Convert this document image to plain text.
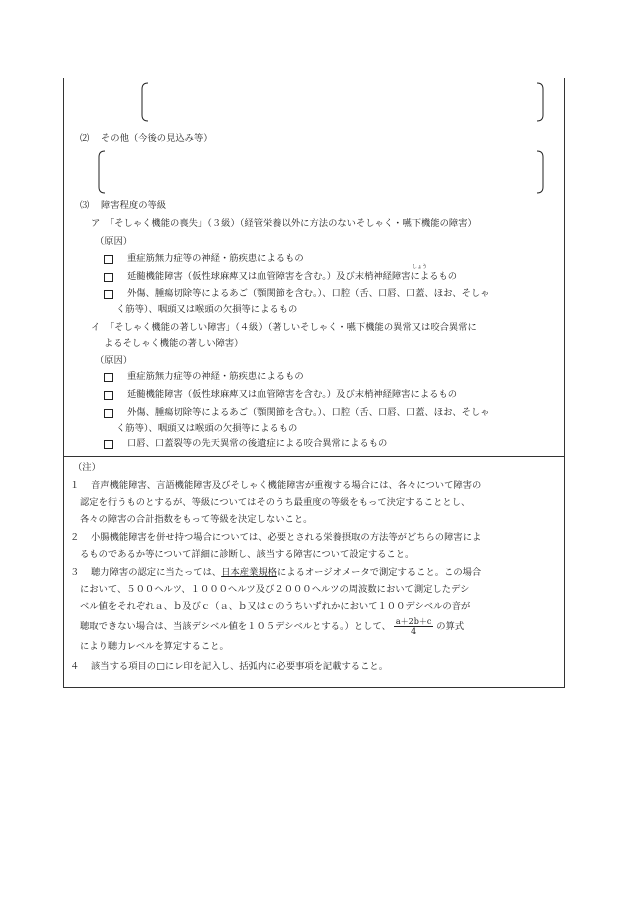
⑵ その他（今後の見込み等）
⑶ 障害程度の等級
ア　「そしゃく機能の喪失」（３級）（経管栄養以外に方法のないそしゃく・嚥下機能の障害）
（原因）
重症筋無力症等の神経・筋疾患によるもの
しょう
延髄機能障害（仮性球麻痺又は血管障害を含む。）及び末梢神経障害によるもの
外傷、腫瘍切除等によるあご（顎関節を含む。）、口腔（舌、口唇、口蓋、ほお、そしゃ
く筋等）、咽頭又は喉頭の欠損等によるもの
イ　「そしゃく機能の著しい障害」（４級）（著しいそしゃく・嚥下機能の異常又は咬合異常に
よるそしゃく機能の著しい障害）
（原因）
重症筋無力症等の神経・筋疾患によるもの
延髄機能障害（仮性球麻痺又は血管障害を含む。）及び末梢神経障害によるもの
外傷、腫瘍切除等によるあご（顎関節を含む。）、口腔（舌、口唇、口蓋、ほお、そしゃ
く筋等）、咽頭又は喉頭の欠損等によるもの
口唇、口蓋裂等の先天異常の後遺症による咬合異常によるもの
（注）
１ 音声機能障害、言語機能障害及びそしゃく機能障害が重複する場合には、各々について障害の
認定を行うものとするが、等級についてはそのうち最重度の等級をもって決定することとし、
各々の障害の合計指数をもって等級を決定しないこと。
２ 小腸機能障害を併せ持つ場合については、必要とされる栄養摂取の方法等がどちらの障害によ
るものであるか等について詳細に診断し、該当する障害について設定すること。
３ 聴力障害の認定に当たっては、日本産業規格によるオージオメータで測定すること。この場合
において、５００ヘルツ、１０００ヘルツ及び２０００ヘルツの周波数において測定したデシ
ベル値をそれぞれａ、ｂ及びｃ（ａ、ｂ又はｃのうちいずれかにおいて１００デシベルの音が
聴取できない場合は、当該デシベル値を１０５デシベルとする。）として、 $\frac{a+2b+c}{4}$ の算式
により聴力レベルを算定すること。
４ 該当する項目の□にレ印を記入し、括弧内に必要事項を記載すること。
